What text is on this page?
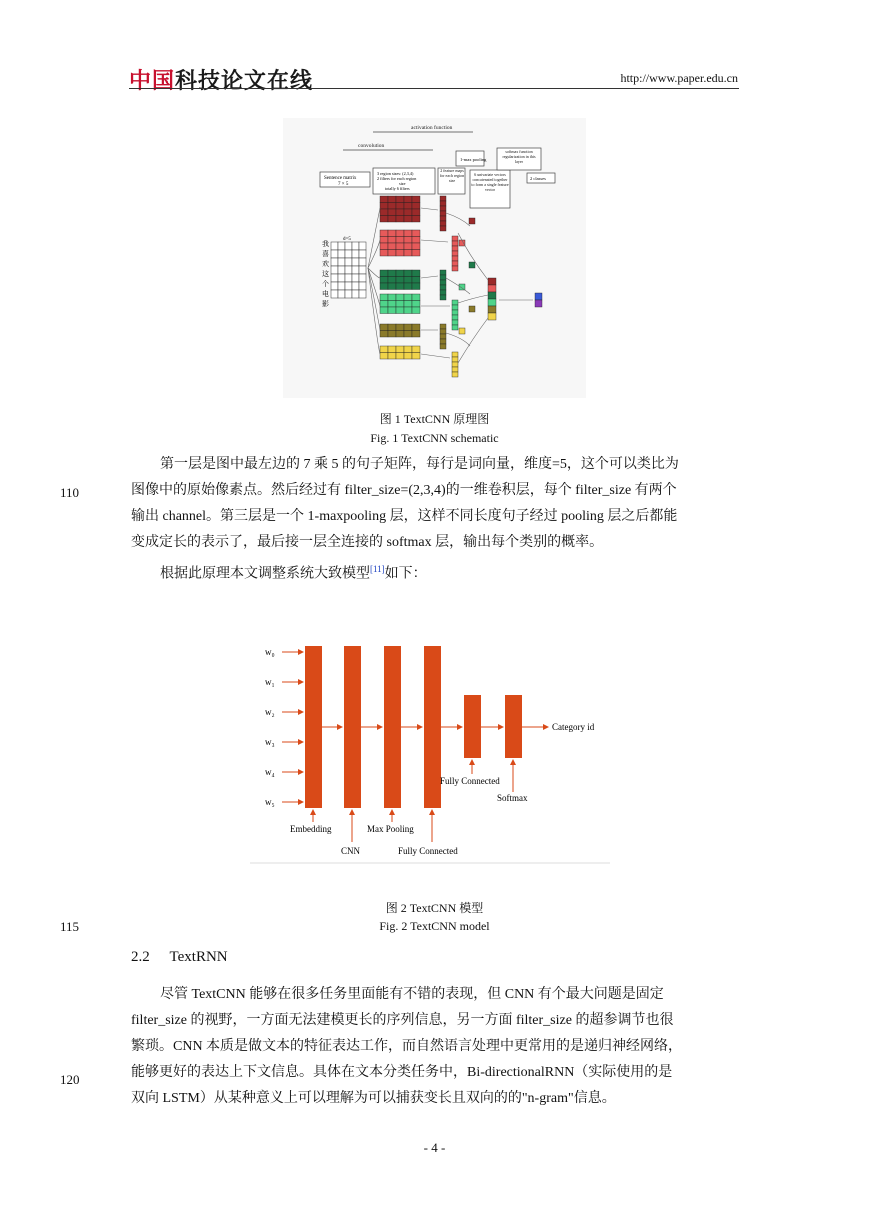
中国科技论文在线	http://www.paper.edu.cn
activation function
convolution
Sentence matrix
7 × 5
3 region sizes: (2,3,4)
2 filters for each region
size
totally 6 filters
2 feature maps for each region size
1-max pooling
6 univariate vectors concatenated together to form a single feature vector
softmax function regularization in this layer
2 classes
我
喜
欢
这
个
电
影
d=5
图 1 TextCNN 原理图
Fig. 1 TextCNN schematic

第一层是图中最左边的 7 乘 5 的句子矩阵，每行是词向量，维度=5，这个可以类比为

图像中的原始像素点。然后经过有 filter_size=(2,3,4)的一维卷积层，每个 filter_size 有两个

输出 channel。第三层是一个 1-maxpooling 层，这样不同长度句子经过 pooling 层之后都能

变成定长的表示了，最后接一层全连接的 softmax 层，输出每个类别的概率。

根据此原理本文调整系统大致模型[11]如下：

110
w₀
w₁
w₂
w₃
w₄
w₅
Category id
Embedding
CNN
Max Pooling
Fully Connected
Fully Connected
Softmax
图 2 TextCNN 模型
Fig. 2 TextCNN model
115
2.2 TextRNN

尽管 TextCNN 能够在很多任务里面能有不错的表现，但 CNN 有个最大问题是固定

filter_size 的视野，一方面无法建模更长的序列信息，另一方面 filter_size 的超参调节也很

繁琐。CNN 本质是做文本的特征表达工作，而自然语言处理中更常用的是递归神经网络，

能够更好的表达上下文信息。具体在文本分类任务中，Bi-directionalRNN（实际使用的是

双向 LSTM）从某种意义上可以理解为可以捕获变长且双向的的"n-gram"信息。

120
- 4 -
